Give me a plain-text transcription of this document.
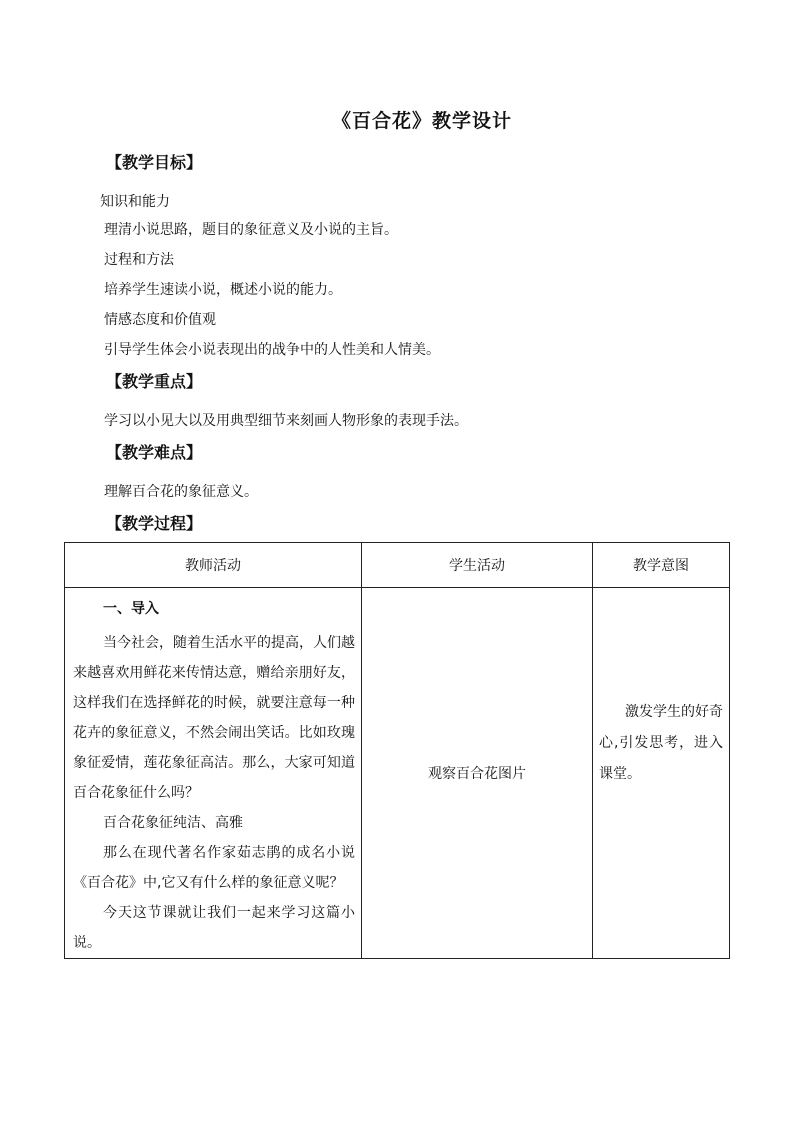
《百合花》教学设计
【教学目标】
知识和能力
理清小说思路，题目的象征意义及小说的主旨。
过程和方法
培养学生速读小说，概述小说的能力。
情感态度和价值观
引导学生体会小说表现出的战争中的人性美和人情美。
【教学重点】
学习以小见大以及用典型细节来刻画人物形象的表现手法。
【教学难点】
理解百合花的象征意义。
【教学过程】
教师活动	学生活动	教学意图

一、导入

当今社会，随着生活水平的提高，人们越来越喜欢用鲜花来传情达意，赠给亲朋好友，这样我们在选择鲜花的时候，就要注意每一种花卉的象征意义，不然会闹出笑话。比如玫瑰象征爱情，莲花象征高洁。那么，大家可知道百合花象征什么吗？

百合花象征纯洁、高雅

那么在现代著名作家茹志鹃的成名小说《百合花》中,它又有什么样的象征意义呢？

今天这节课就让我们一起来学习这篇小说。	观察百合花图片	激发学生的好奇心,引发思考，进入课堂。
